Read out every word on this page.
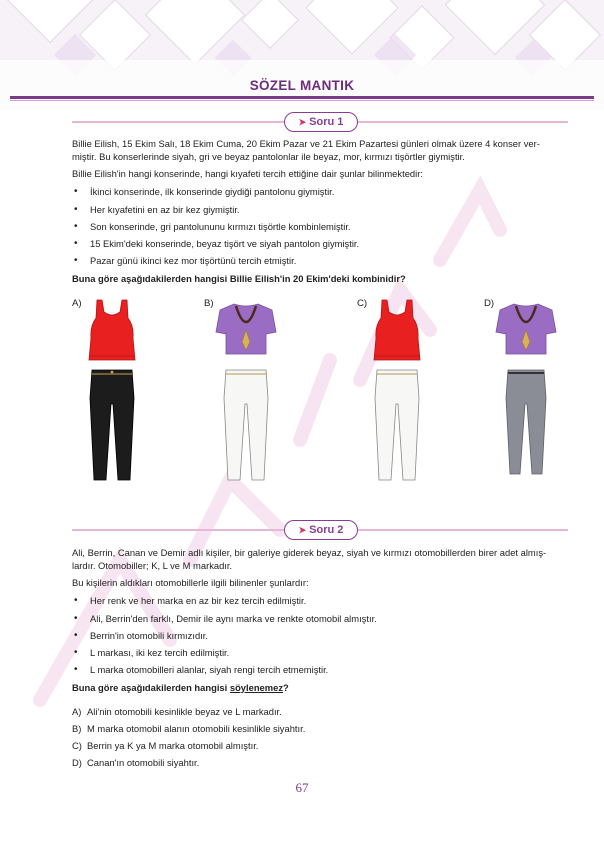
SÖZEL MANTIK
➤ Soru 1
Billie Eilish, 15 Ekim Salı, 18 Ekim Cuma, 20 Ekim Pazar ve 21 Ekim Pazartesi günleri olmak üzere 4 konser ver-
miştir. Bu konserlerinde siyah, gri ve beyaz pantolonlar ile beyaz, mor, kırmızı tişörtler giymiştir.
Billie Eilish'in hangi konserinde, hangi kıyafeti tercih ettiğine dair şunlar bilinmektedir:
• İkinci konserinde, ilk konserinde giydiği pantolonu giymiştir.
• Her kıyafetini en az bir kez giymiştir.
• Son konserinde, gri pantolununu kırmızı tişörtle kombinlemiştir.
• 15 Ekim'deki konserinde, beyaz tişört ve siyah pantolon giymiştir.
• Pazar günü ikinci kez mor tişörtünü tercih etmiştir.
Buna göre aşağıdakilerden hangisi Billie Eilish'in 20 Ekim'deki kombinidir?
A)	B)	C)	D)
➤ Soru 2
Ali, Berrin, Canan ve Demir adlı kişiler, bir galeriye giderek beyaz, siyah ve kırmızı otomobillerden birer adet almış-
lardır. Otomobiller; K, L ve M markadır.
Bu kişilerin aldıkları otomobillerle ilgili bilinenler şunlardır:
• Her renk ve her marka en az bir kez tercih edilmiştir.
• Ali, Berrin'den farklı, Demir ile aynı marka ve renkte otomobil almıştır.
• Berrin'in otomobili kırmızıdır.
• L markası, iki kez tercih edilmiştir.
• L marka otomobilleri alanlar, siyah rengi tercih etmemiştir.
Buna göre aşağıdakilerden hangisi söylenemez?
A) Ali'nin otomobili kesinlikle beyaz ve L markadır.
B) M marka otomobil alanın otomobili kesinlikle siyahtır.
C) Berrin ya K ya M marka otomobil almıştır.
D) Canan'ın otomobili siyahtır.
67
